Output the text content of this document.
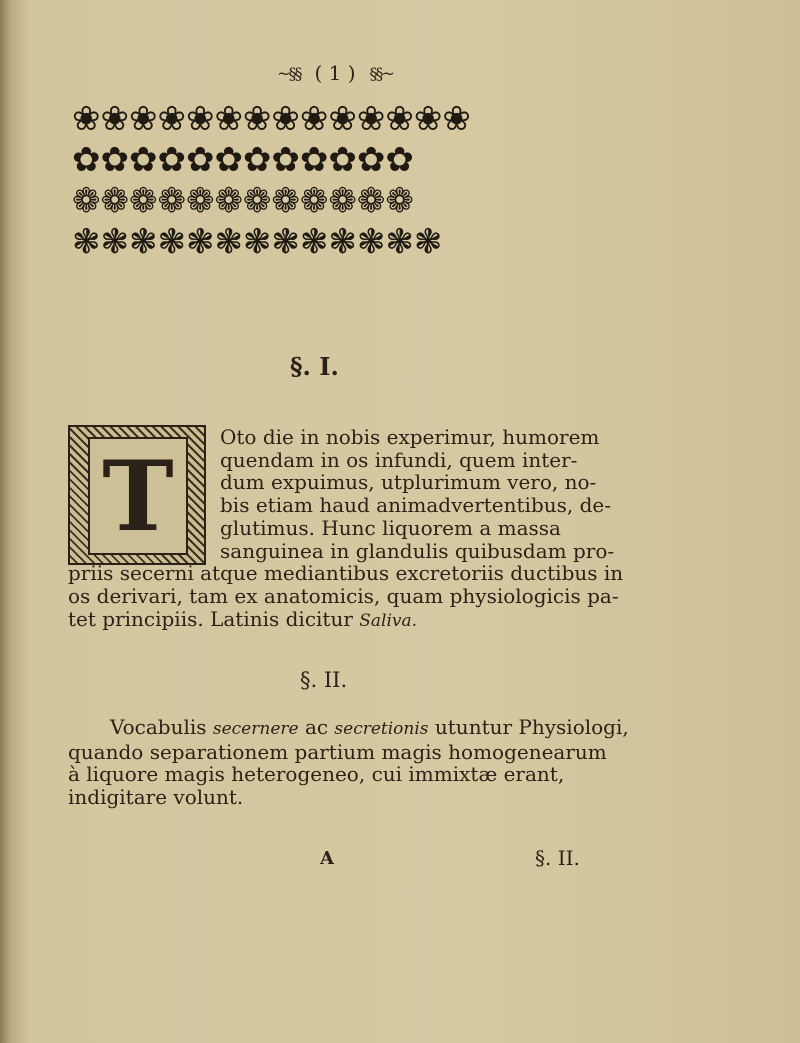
~§§ ( 1 ) §§~
❀❀❀❀❀❀❀❀❀❀❀❀❀❀
✿✿✿✿✿✿✿✿✿✿✿✿
❁❁❁❁❁❁❁❁❁❁❁❁
❃❃❃❃❃❃❃❃❃❃❃❃❃
§. I.
T
Oto die in nobis experimur, humorem
quendam in os infundi, quem inter-
dum expuimus, utplurimum vero, no-
bis etiam haud animadvertentibus, de-
glutimus. Hunc liquorem a massa
sanguinea in glandulis quibusdam pro-
priis secerni atque mediantibus excretoriis ductibus in
os derivari, tam ex anatomicis, quam physiologicis pa-
tet principiis. Latinis dicitur Saliva.
§. II.
Vocabulis secernere ac secretionis utuntur Physiologi,
quando separationem partium magis homogenearum
à liquore magis heterogeneo, cui immixtæ erant,
indigitare volunt.
A	§. II.
